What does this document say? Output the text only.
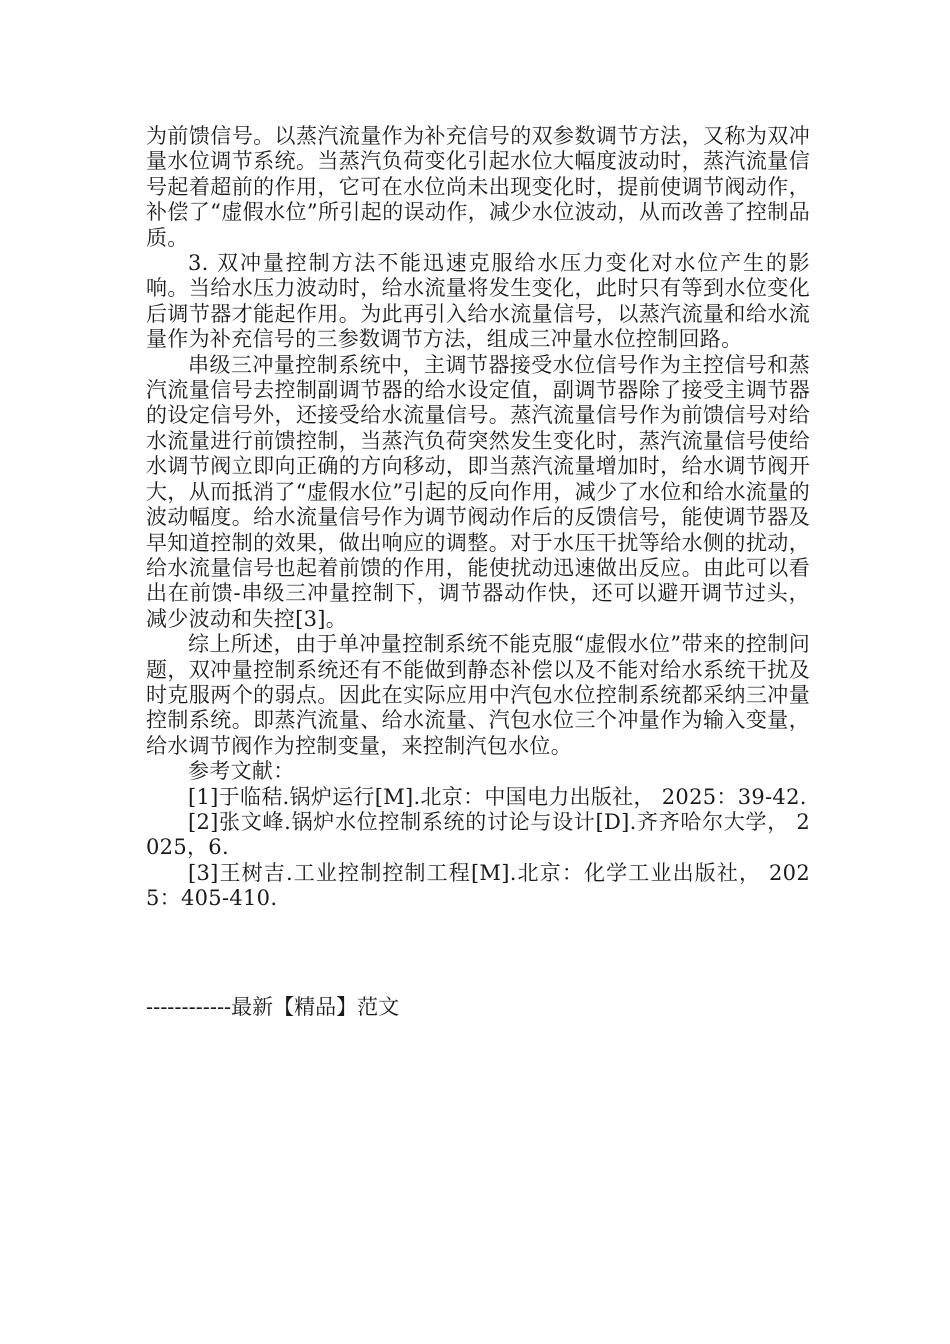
为前馈信号。以蒸汽流量作为补充信号的双参数调节方法，又称为双冲量水位调节系统。当蒸汽负荷变化引起水位大幅度波动时，蒸汽流量信号起着超前的作用，它可在水位尚未出现变化时，提前使调节阀动作，补偿了“虚假水位”所引起的误动作，减少水位波动，从而改善了控制品质。

3. 双冲量控制方法不能迅速克服给水压力变化对水位产生的影响。当给水压力波动时，给水流量将发生变化，此时只有等到水位变化后调节器才能起作用。为此再引入给水流量信号，以蒸汽流量和给水流量作为补充信号的三参数调节方法，组成三冲量水位控制回路。

串级三冲量控制系统中，主调节器接受水位信号作为主控信号和蒸汽流量信号去控制副调节器的给水设定值，副调节器除了接受主调节器的设定信号外，还接受给水流量信号。蒸汽流量信号作为前馈信号对给水流量进行前馈控制，当蒸汽负荷突然发生变化时，蒸汽流量信号使给水调节阀立即向正确的方向移动，即当蒸汽流量增加时，给水调节阀开大，从而抵消了“虚假水位”引起的反向作用，减少了水位和给水流量的波动幅度。给水流量信号作为调节阀动作后的反馈信号，能使调节器及早知道控制的效果，做出响应的调整。对于水压干扰等给水侧的扰动，给水流量信号也起着前馈的作用，能使扰动迅速做出反应。由此可以看出在前馈-串级三冲量控制下，调节器动作快，还可以避开调节过头，减少波动和失控[3]。

综上所述，由于单冲量控制系统不能克服“虚假水位”带来的控制问题，双冲量控制系统还有不能做到静态补偿以及不能对给水系统干扰及时克服两个的弱点。因此在实际应用中汽包水位控制系统都采纳三冲量控制系统。即蒸汽流量、给水流量、汽包水位三个冲量作为输入变量，给水调节阀作为控制变量，来控制汽包水位。

参考文献：

[1]于临秸.锅炉运行[M].北京：中国电力出版社， 2025：39-42.

[2]张文峰.锅炉水位控制系统的讨论与设计[D].齐齐哈尔大学， 2025，6.

[3]王树吉.工业控制控制工程[M].北京：化学工业出版社， 2025：405-410.

------------最新【精品】范文
